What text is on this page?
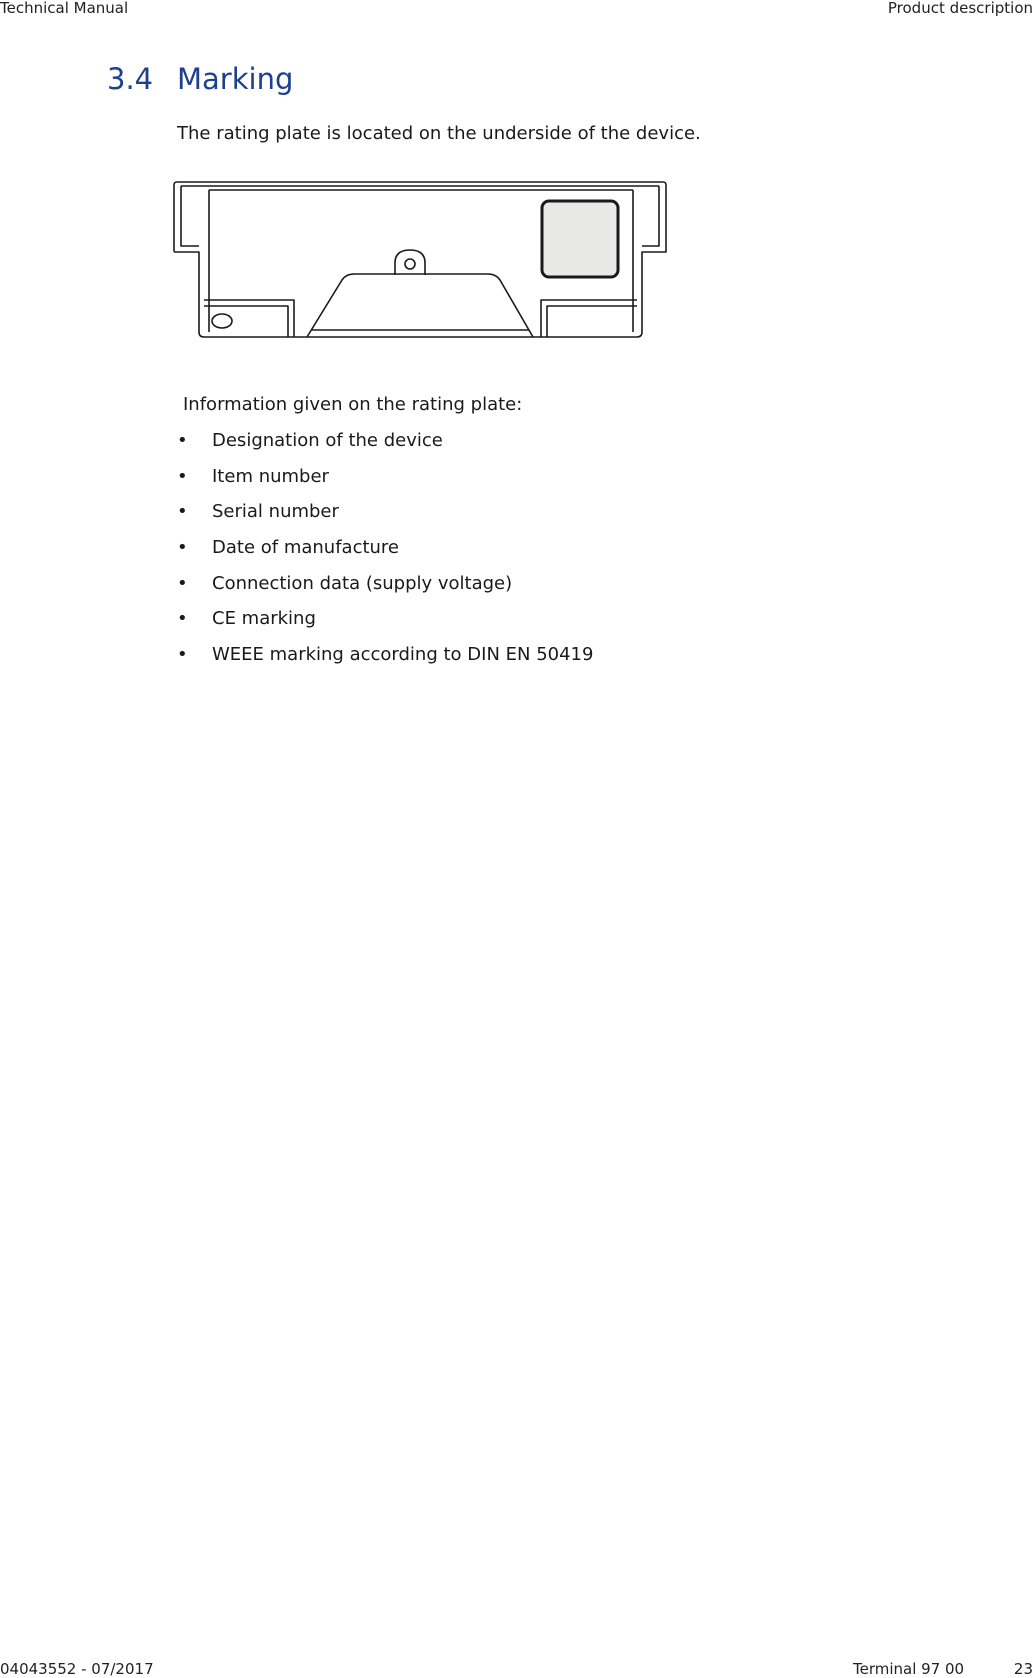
Technical Manual	Product description
3.4 Marking
The rating plate is located on the underside of the device.
Information given on the rating plate:
• Designation of the device
• Item number
• Serial number
• Date of manufacture
• Connection data (supply voltage)
• CE marking
• WEEE marking according to DIN EN 50419
04043552 - 07/2017	Terminal 97 00	23
